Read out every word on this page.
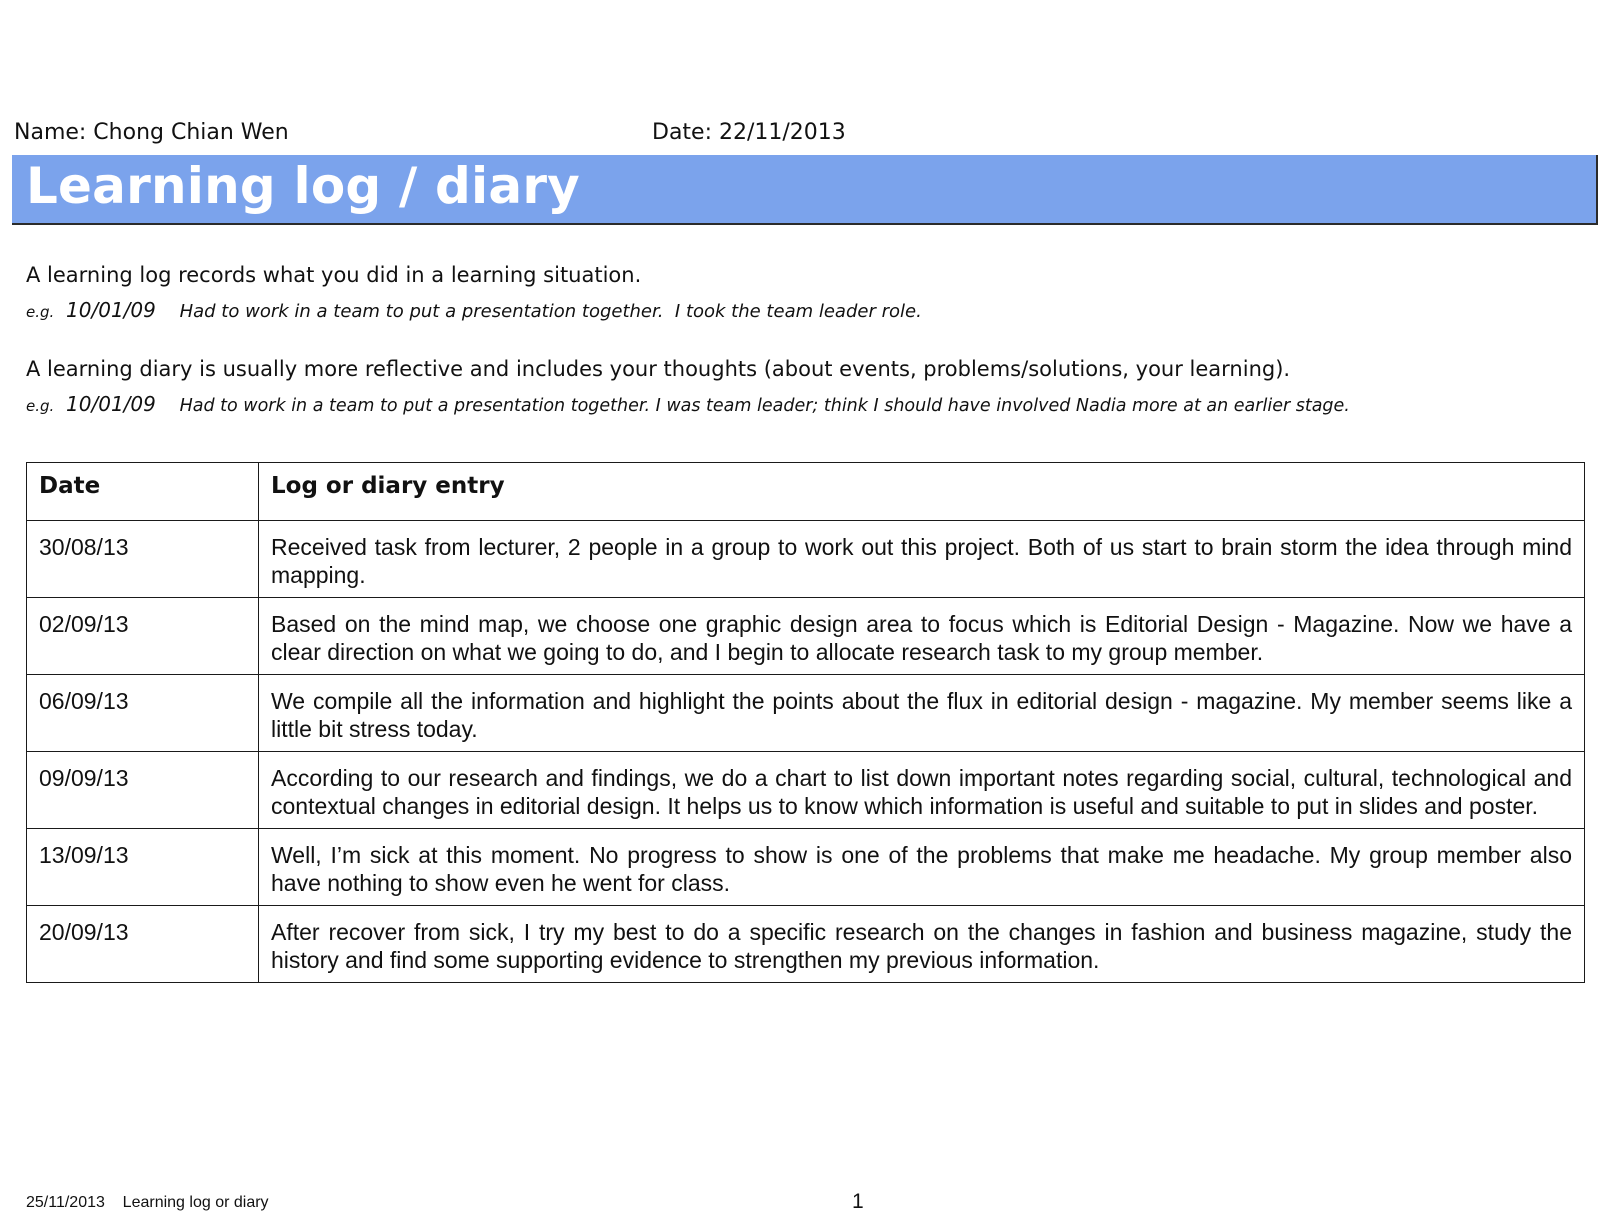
Name: Chong Chian Wen	Date: 22/11/2013
Learning log / diary
A learning log records what you did in a learning situation.
e.g. 10/01/09 Had to work in a team to put a presentation together.  I took the team leader role.
A learning diary is usually more reflective and includes your thoughts (about events, problems/solutions, your learning).
e.g. 10/01/09 Had to work in a team to put a presentation together. I was team leader; think I should have involved Nadia more at an earlier stage.
Date	Log or diary entry
30/08/13	Received task from lecturer, 2 people in a group to work out this project. Both of us start to brain storm the idea through mind mapping.
02/09/13	Based on the mind map, we choose one graphic design area to focus which is Editorial Design - Magazine. Now we have a clear direction on what we going to do, and I begin to allocate research task to my group member.
06/09/13	We compile all the information and highlight the points about the flux in editorial design - magazine. My member seems like a little bit stress today.
09/09/13	According to our research and findings, we do a chart to list down important notes regarding social, cultural, technological and contextual changes in editorial design. It helps us to know which information is useful and suitable to put in slides and poster.
13/09/13	Well, I’m sick at this moment. No progress to show is one of the problems that make me headache. My group member also have nothing to show even he went for class.
20/09/13	After recover from sick, I try my best to do a specific research on the changes in fashion and business magazine, study the history and find some supporting evidence to strengthen my previous information.
25/11/2013 Learning log or diary	1
